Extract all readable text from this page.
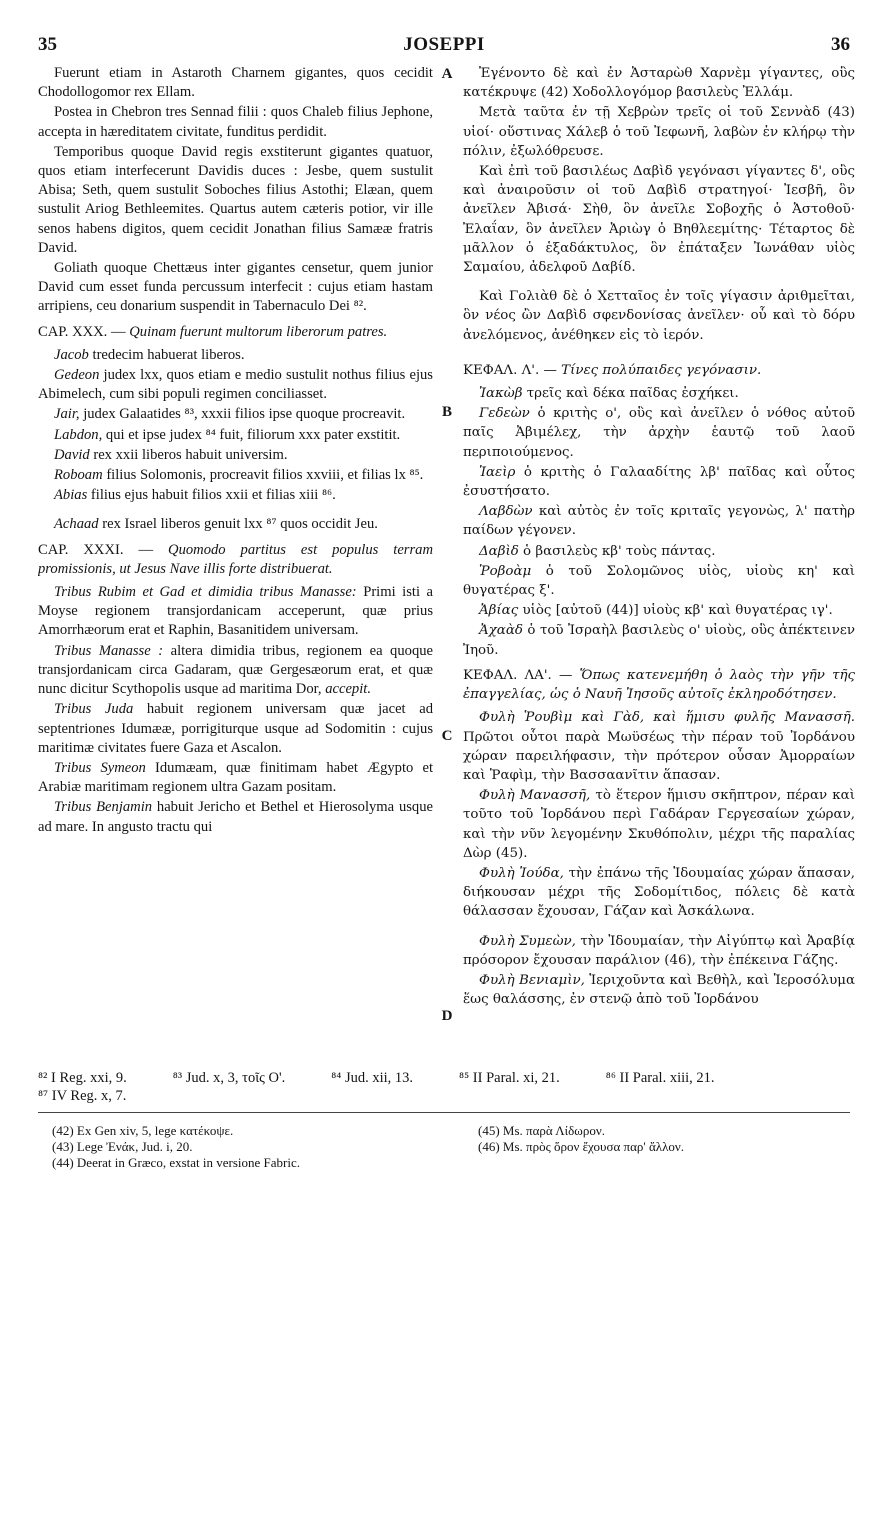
35	JOSEPPI	36

Fuerunt etiam in Astaroth Charnem gigantes, quos cecidit Chodollogomor rex Ellam.

Postea in Chebron tres Sennad filii : quos Chaleb filius Jephone, accepta in hæreditatem civitate, funditus perdidit.

Temporibus quoque David regis exstiterunt gigantes quatuor, quos etiam interfecerunt Davidis duces : Jesbe, quem sustulit Abisa; Seth, quem sustulit Soboches filius Astothi; Elæan, quem sustulit Ariog Bethleemites. Quartus autem cæteris potior, vir ille senos habens digitos, quem cecidit Jonathan filius Samææ fratris David.

Goliath quoque Chettæus inter gigantes censetur, quem junior David cum esset funda percussum interfecit : cujus etiam hastam arripiens, ceu donarium suspendit in Tabernaculo Dei ⁸².

CAP. XXX. — Quinam fuerunt multorum liberorum patres.

Jacob tredecim habuerat liberos.

Gedeon judex lxx, quos etiam e medio sustulit nothus filius ejus Abimelech, cum sibi populi regimen conciliasset.

Jair, judex Galaatides ⁸³, xxxii filios ipse quoque procreavit.

Labdon, qui et ipse judex ⁸⁴ fuit, filiorum xxx pater exstitit.

David rex xxii liberos habuit universim.

Roboam filius Solomonis, procreavit filios xxviii, et filias lx ⁸⁵.

Abias filius ejus habuit filios xxii et filias xiii ⁸⁶.

Achaad rex Israel liberos genuit lxx ⁸⁷ quos occidit Jeu.

CAP. XXXI. — Quomodo partitus est populus terram promissionis, ut Jesus Nave illis forte distribuerat.

Tribus Rubim et Gad et dimidia tribus Manasse: Primi isti a Moyse regionem transjordanicam acceperunt, quæ prius Amorrhæorum erat et Raphin, Basanitidem universam.

Tribus Manasse : altera dimidia tribus, regionem ea quoque transjordanicam circa Gadaram, quæ Gergesæorum erat, et quæ nunc dicitur Scythopolis usque ad maritima Dor, accepit.

Tribus Juda habuit regionem universam quæ jacet ad septentriones Idumææ, porrigiturque usque ad Sodomitin : cujus maritimæ civitates fuere Gaza et Ascalon.

Tribus Symeon Idumæam, quæ finitimam habet Ægypto et Arabiæ maritimam regionem ultra Gazam positam.

Tribus Benjamin habuit Jericho et Bethel et Hierosolyma usque ad mare. In angusto tractu qui

A
B
C
D

Ἐγένοντο δὲ καὶ ἐν Ἀσταρὼθ Χαρνὲμ γίγαντες, οὓς κατέκρυψε (42) Χοδολλογόμορ βασιλεὺς Ἐλλάμ.

Μετὰ ταῦτα ἐν τῇ Χεβρὼν τρεῖς οἱ τοῦ Σεννὰδ (43) υἱοί· οὕστινας Χάλεβ ὁ τοῦ Ἰεφωνῆ, λαβὼν ἐν κλήρῳ τὴν πόλιν, ἐξωλόθρευσε.

Καὶ ἐπὶ τοῦ βασιλέως Δαβὶδ γεγόνασι γίγαντες δ', οὓς καὶ ἀναιροῦσιν οἱ τοῦ Δαβὶδ στρατηγοί· Ἰεσβῆ, ὃν ἀνεῖλεν Ἀβισά· Σὴθ, ὃν ἀνεῖλε Σοβοχῆς ὁ Ἀστοθοῦ· Ἐλαΐαν, ὃν ἀνεῖλεν Ἀριὼγ ὁ Βηθλεεμίτης· Τέταρτος δὲ μᾶλλον ὁ ἑξαδάκτυλος, ὃν ἐπάταξεν Ἰωνάθαν υἱὸς Σαμαίου, ἀδελφοῦ Δαβίδ.

Καὶ Γολιὰθ δὲ ὁ Χετταῖος ἐν τοῖς γίγασιν ἀριθμεῖται, ὃν νέος ὢν Δαβὶδ σφενδονίσας ἀνεῖλεν· οὗ καὶ τὸ δόρυ ἀνελόμενος, ἀνέθηκεν εἰς τὸ ἱερόν.

ΚΕΦΑΛ. Λ'. — Τίνες πολύπαιδες γεγόνασιν.

Ἰακὼβ τρεῖς καὶ δέκα παῖδας ἐσχήκει.

Γεδεὼν ὁ κριτὴς ο', οὓς καὶ ἀνεῖλεν ὁ νόθος αὐτοῦ παῖς Ἀβιμέλεχ, τὴν ἀρχὴν ἑαυτῷ τοῦ λαοῦ περιποιούμενος.

Ἰαεὶρ ὁ κριτὴς ὁ Γαλααδίτης λβ' παῖδας καὶ οὗτος ἐσυστήσατο.

Λαβδὼν καὶ αὐτὸς ἐν τοῖς κριταῖς γεγονὼς, λ' πατὴρ παίδων γέγονεν.

Δαβὶδ ὁ βασιλεὺς κβ' τοὺς πάντας.

Ῥοβοὰμ ὁ τοῦ Σολομῶνος υἱὸς, υἱοὺς κη' καὶ θυγατέρας ξ'.

Ἀβίας υἱὸς [αὐτοῦ (44)] υἱοὺς κβ' καὶ θυγατέρας ιγ'.

Ἀχαὰδ ὁ τοῦ Ἰσραὴλ βασιλεὺς ο' υἱοὺς, οὓς ἀπέκτεινεν Ἰηοῦ.

ΚΕΦΑΛ. ΛΑ'. — Ὅπως κατενεμήθη ὁ λαὸς τὴν γῆν τῆς ἐπαγγελίας, ὡς ὁ Ναυῆ Ἰησοῦς αὐτοῖς ἐκληροδότησεν.

Φυλὴ Ῥουβὶμ καὶ Γὰδ, καὶ ἥμισυ φυλῆς Μανασσῆ. Πρῶτοι οὗτοι παρὰ Μωϋσέως τὴν πέραν τοῦ Ἰορδάνου χώραν παρειλήφασιν, τὴν πρότερον οὖσαν Ἀμορραίων καὶ Ῥαφὶμ, τὴν Βασσαανῖτιν ἅπασαν.

Φυλὴ Μανασσῆ, τὸ ἕτερον ἥμισυ σκῆπτρον, πέραν καὶ τοῦτο τοῦ Ἰορδάνου περὶ Γαδάραν Γεργεσαίων χώραν, καὶ τὴν νῦν λεγομένην Σκυθόπολιν, μέχρι τῆς παραλίας Δὼρ (45).

Φυλὴ Ἰούδα, τὴν ἐπάνω τῆς Ἰδουμαίας χώραν ἅπασαν, διήκουσαν μέχρι τῆς Σοδομίτιδος, πόλεις δὲ κατὰ θάλασσαν ἔχουσαν, Γάζαν καὶ Ἀσκάλωνα.

Φυλὴ Συμεὼν, τὴν Ἰδουμαίαν, τὴν Αἰγύπτῳ καὶ Ἀραβίᾳ πρόσορον ἔχουσαν παράλιον (46), τὴν ἐπέκεινα Γάζης.

Φυλὴ Βενιαμὶν, Ἱεριχοῦντα καὶ Βεθὴλ, καὶ Ἱεροσόλυμα ἕως θαλάσσης, ἐν στενῷ ἀπὸ τοῦ Ἰορδάνου

⁸² I Reg. xxi, 9.	⁸³ Jud. x, 3, τοῖς Ο'.	⁸⁴ Jud. xii, 13.	⁸⁵ II Paral. xi, 21.	⁸⁶ II Paral. xiii, 21.
⁸⁷ IV Reg. x, 7.
(42) Ex Gen xiv, 5, lege κατέκοψε.
(43) Lege Ἐνάκ, Jud. i, 20.
(44) Deerat in Græco, exstat in versione Fabric.
(45) Ms. παρὰ Λίδωρον.
(46) Ms. πρὸς ὅρον ἔχουσα παρ' ἄλλον.
